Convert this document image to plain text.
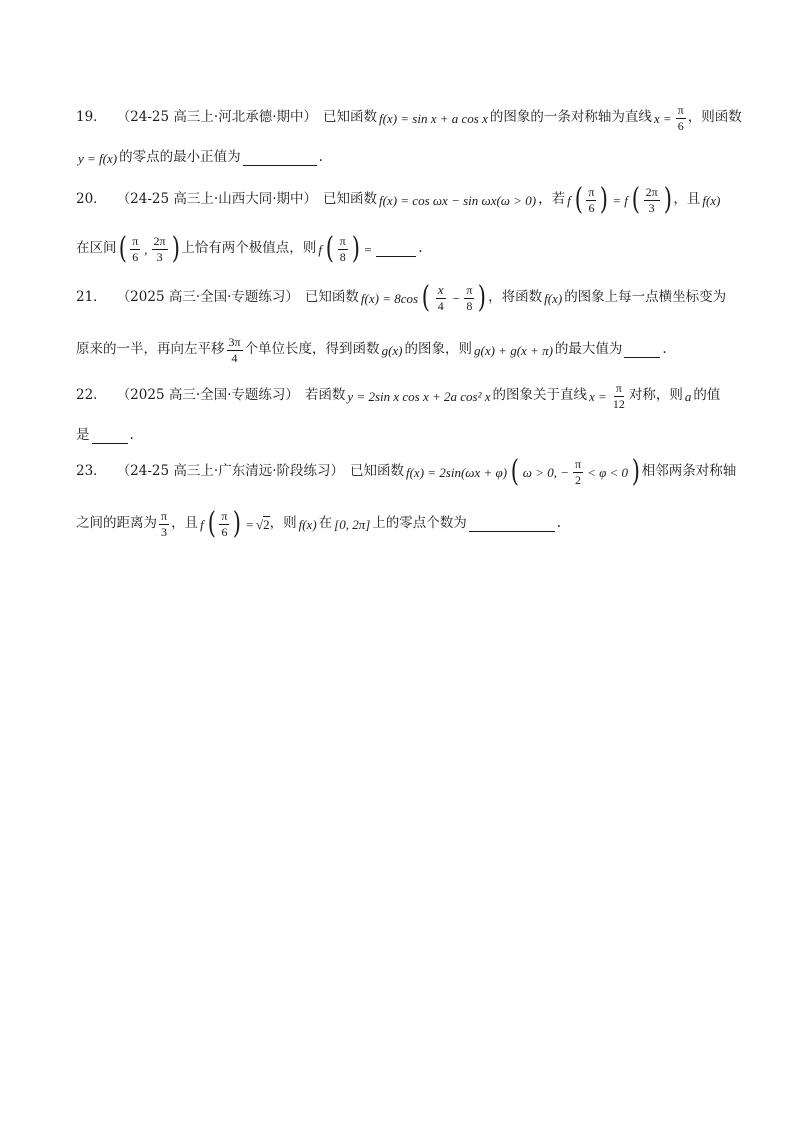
19． （24-25 高三上·河北承德·期中） 已知函数 f(x) = sin x + a cos x 的图象的一条对称轴为直线 $x = \frac{\pi}{6}$ ，则函数
y = f(x) 的零点的最小正值为	.
20． （24-25 高三上·山西大同·期中） 已知函数 f(x) = cos ωx − sin ωx(ω > 0) ，若 f ( $\frac{\pi}{6}$ ) = f ( $\frac{2\pi}{3}$ ) ，且 f(x)
在区间 ( $\frac{\pi}{6}$ , $\frac{2\pi}{3}$ ) 上恰有两个极值点，则 f ( $\frac{\pi}{8}$ ) =	.
21． （2025 高三·全国·专题练习） 已知函数 f(x) = 8cos ( $\frac{x}{4} - \frac{\pi}{8}$ ) ，将函数 f(x) 的图象上每一点横坐标变为
原来的一半，再向左平移 $\frac{3\pi}{4}$ 个单位长度，得到函数 g(x) 的图象，则 g(x) + g(x + π) 的最大值为	.
22． （2025 高三·全国·专题练习） 若函数 y = 2sin x cos x + 2a cos² x 的图象关于直线 $x = \frac{\pi}{12}$ 对称，则 a 的值
是	.
23． （24-25 高三上·广东清远·阶段练习） 已知函数 f(x) = 2sin(ωx + φ) ( ω > 0, − $\frac{\pi}{2} < \varphi < 0$ ) 相邻两条对称轴
之间的距离为 $\frac{\pi}{3}$ ，且 f ( $\frac{\pi}{6}$ ) = √2 ，则 f(x) 在 [0, 2π] 上的零点个数为	.
